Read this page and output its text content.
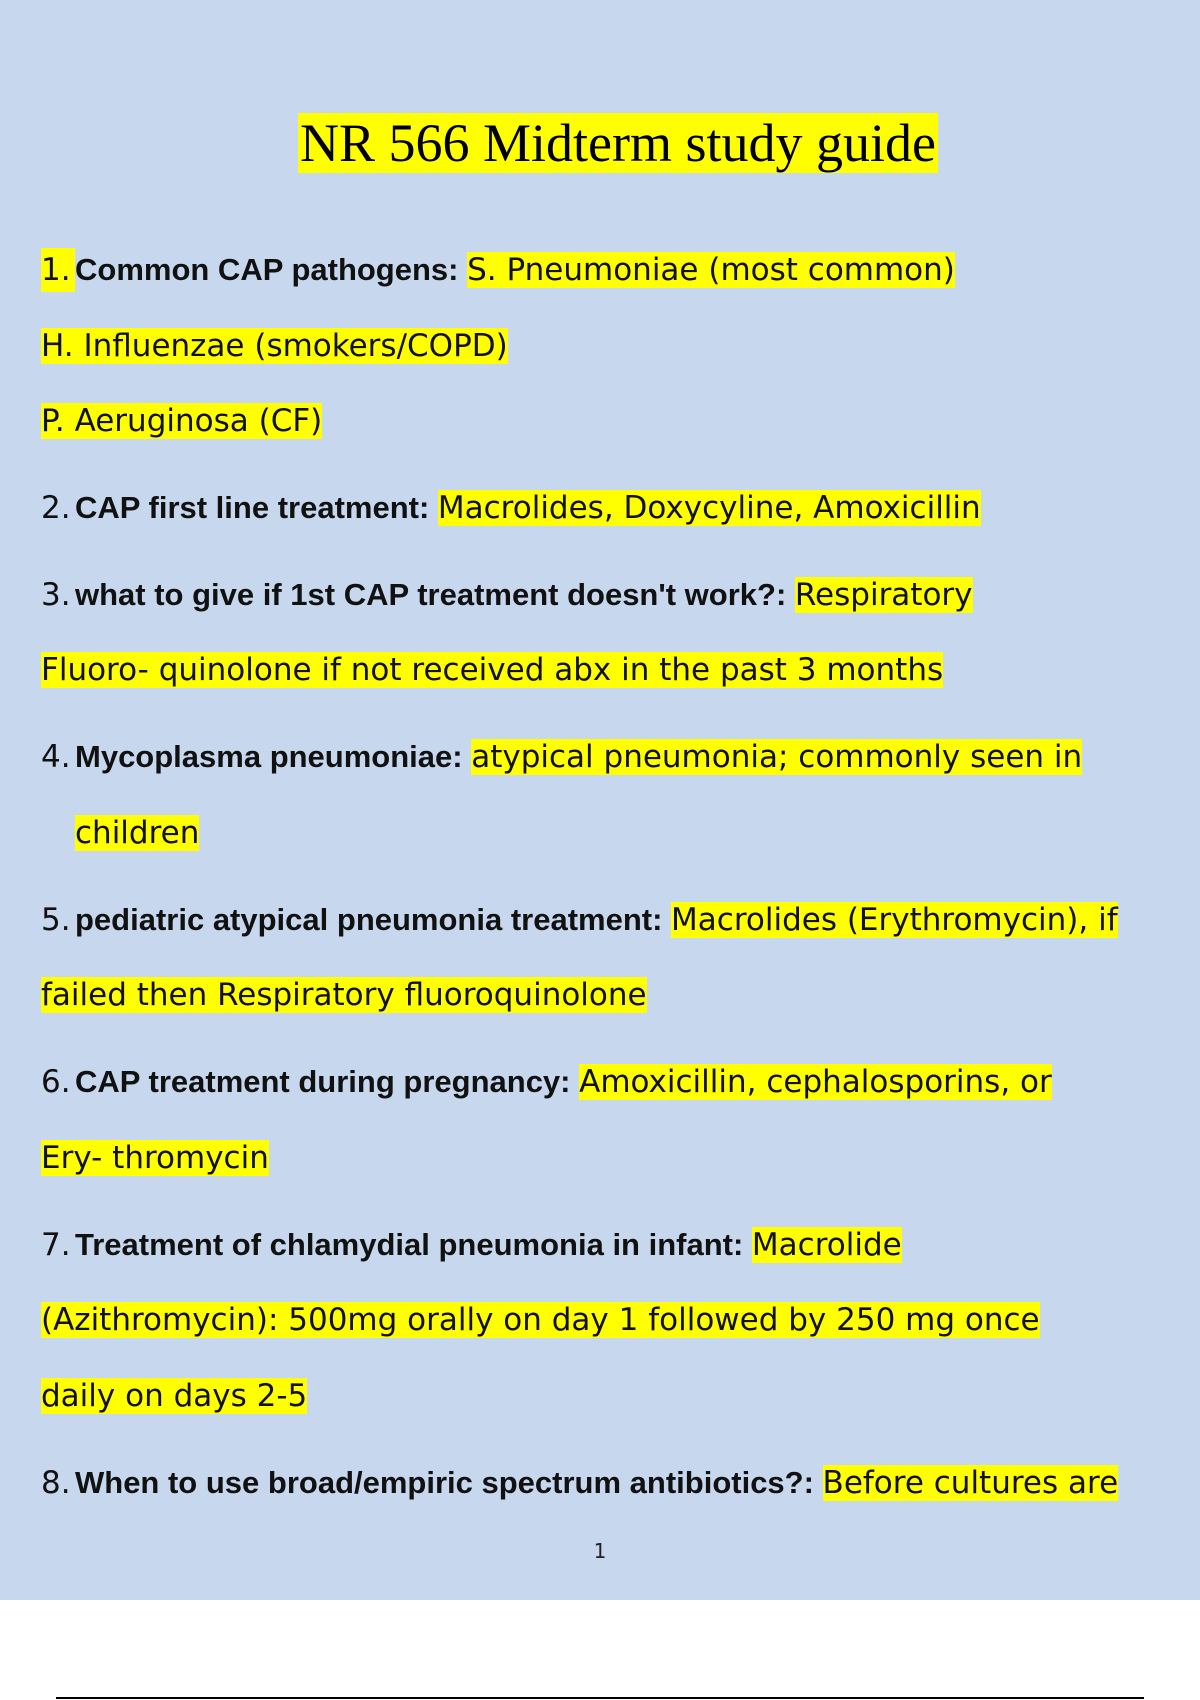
NR 566 Midterm study guide
1. Common CAP pathogens: S. Pneumoniae (most common)
H. Influenzae (smokers/COPD)
P. Aeruginosa (CF)
2. CAP first line treatment: Macrolides, Doxycyline, Amoxicillin
3. what to give if 1st CAP treatment doesn't work?: Respiratory
Fluoro- quinolone if not received abx in the past 3 months
4. Mycoplasma pneumoniae: atypical pneumonia; commonly seen in
children
5. pediatric atypical pneumonia treatment: Macrolides (Erythromycin), if
failed then Respiratory fluoroquinolone
6. CAP treatment during pregnancy: Amoxicillin, cephalosporins, or
Ery- thromycin
7. Treatment of chlamydial pneumonia in infant: Macrolide
(Azithromycin): 500mg orally on day 1 followed by 250 mg once
daily on days 2-5
8. When to use broad/empiric spectrum antibiotics?: Before cultures are
1
